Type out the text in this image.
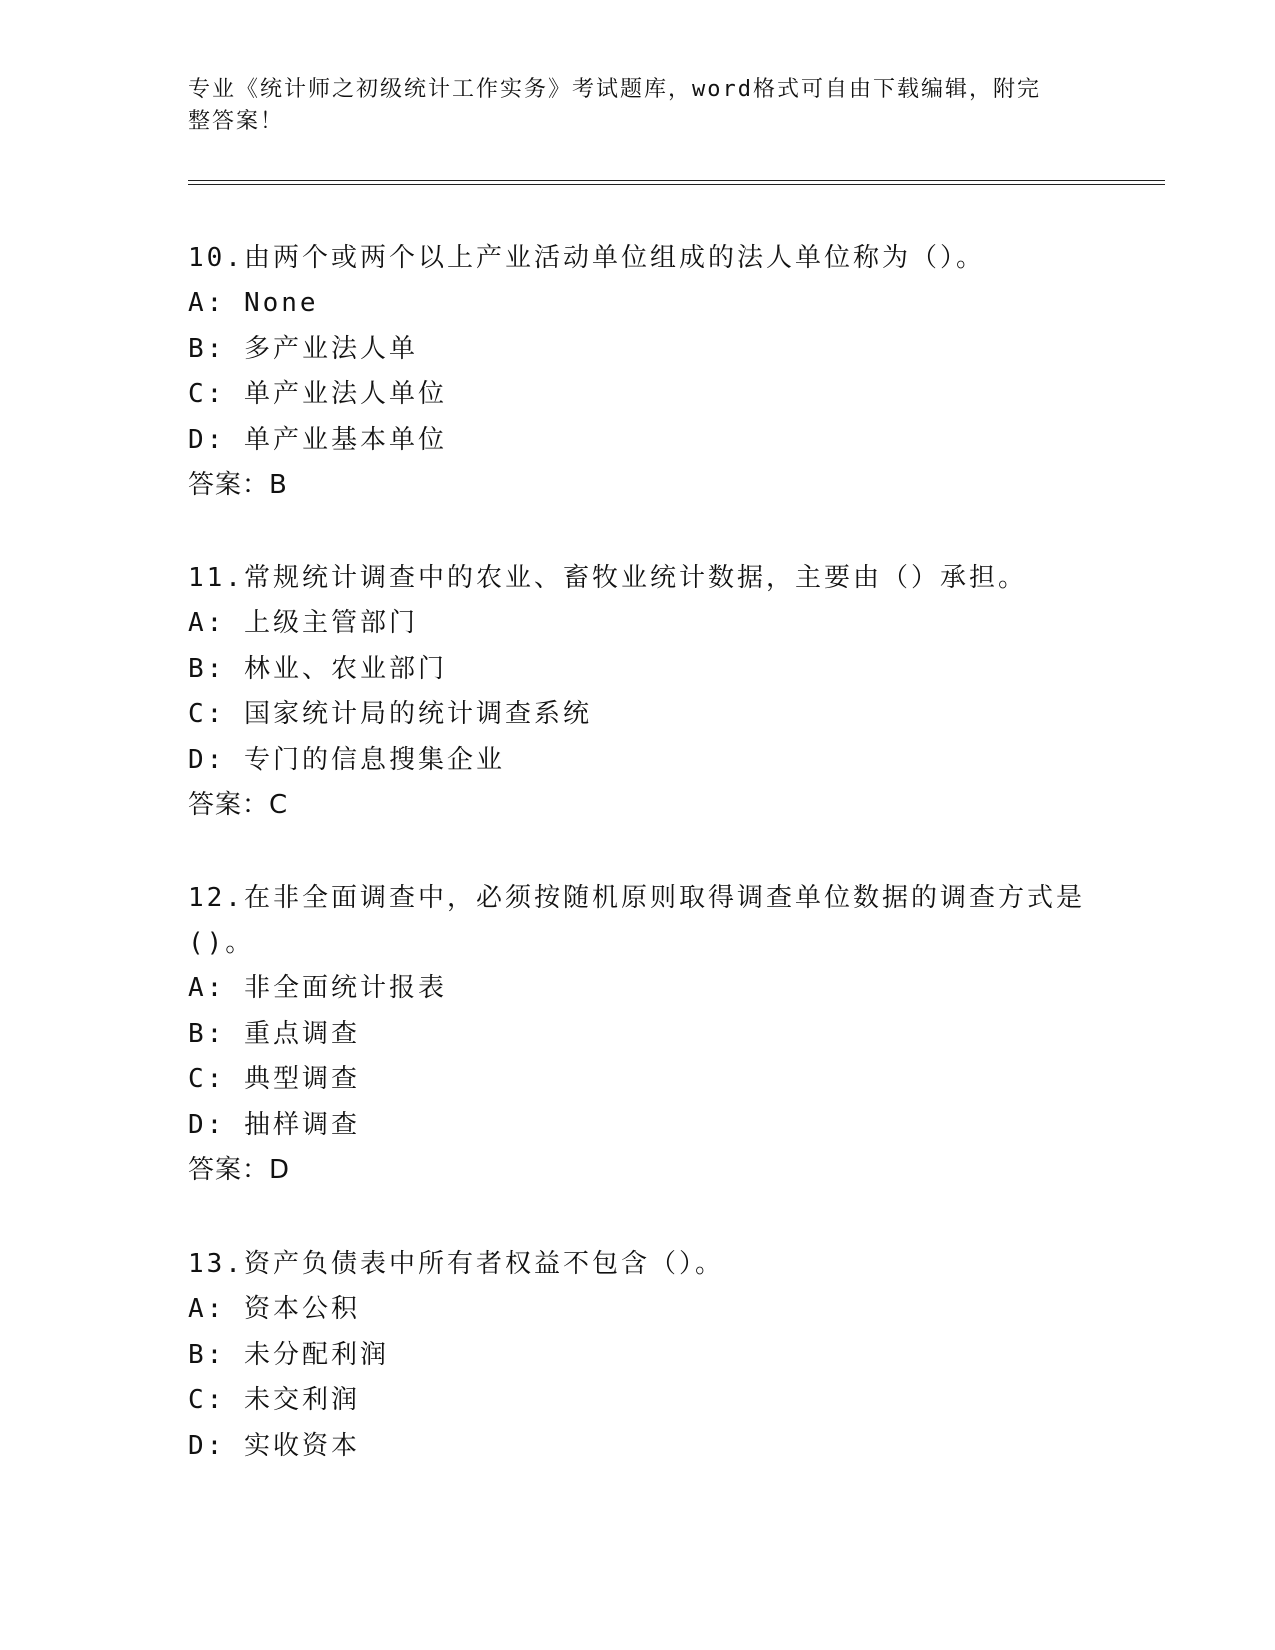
专业《统计师之初级统计工作实务》考试题库，word格式可自由下载编辑，附完
整答案！
10.由两个或两个以上产业活动单位组成的法人单位称为（）。
A: None
B: 多产业法人单
C: 单产业法人单位
D: 单产业基本单位
答案：B
11.常规统计调查中的农业、畜牧业统计数据，主要由（）承担。
A: 上级主管部门
B: 林业、农业部门
C: 国家统计局的统计调查系统
D: 专门的信息搜集企业
答案：C
12.在非全面调查中，必须按随机原则取得调查单位数据的调查方式是
()。
A: 非全面统计报表
B: 重点调查
C: 典型调查
D: 抽样调查
答案：D
13.资产负债表中所有者权益不包含（）。
A: 资本公积
B: 未分配利润
C: 未交利润
D: 实收资本
